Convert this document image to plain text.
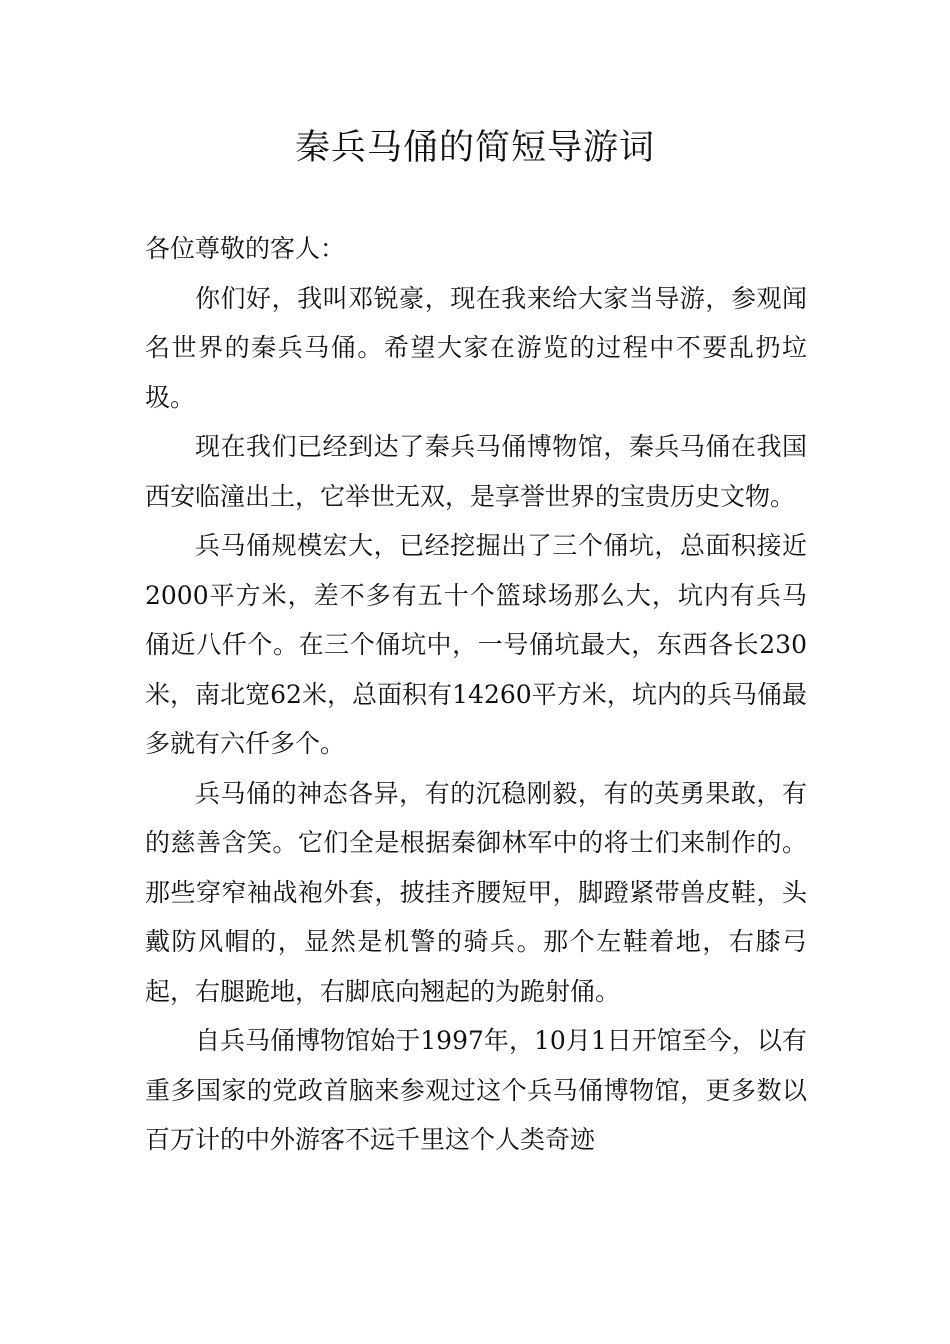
秦兵马俑的简短导游词

各位尊敬的客人：

你们好，我叫邓锐豪，现在我来给大家当导游，参观闻名世界的秦兵马俑。希望大家在游览的过程中不要乱扔垃圾。

现在我们已经到达了秦兵马俑博物馆，秦兵马俑在我国西安临潼出土，它举世无双，是享誉世界的宝贵历史文物。

兵马俑规模宏大，已经挖掘出了三个俑坑，总面积接近2000平方米，差不多有五十个篮球场那么大，坑内有兵马俑近八仟个。在三个俑坑中，一号俑坑最大，东西各长230米，南北宽62米，总面积有14260平方米，坑内的兵马俑最多就有六仟多个。

兵马俑的神态各异，有的沉稳刚毅，有的英勇果敢，有的慈善含笑。它们全是根据秦御林军中的将士们来制作的。那些穿窄袖战袍外套，披挂齐腰短甲，脚蹬紧带兽皮鞋，头戴防风帽的，显然是机警的骑兵。那个左鞋着地，右膝弓起，右腿跪地，右脚底向翘起的为跪射俑。

自兵马俑博物馆始于1997年，10月1日开馆至今，以有重多国家的党政首脑来参观过这个兵马俑博物馆，更多数以百万计的中外游客不远千里这个人类奇迹
